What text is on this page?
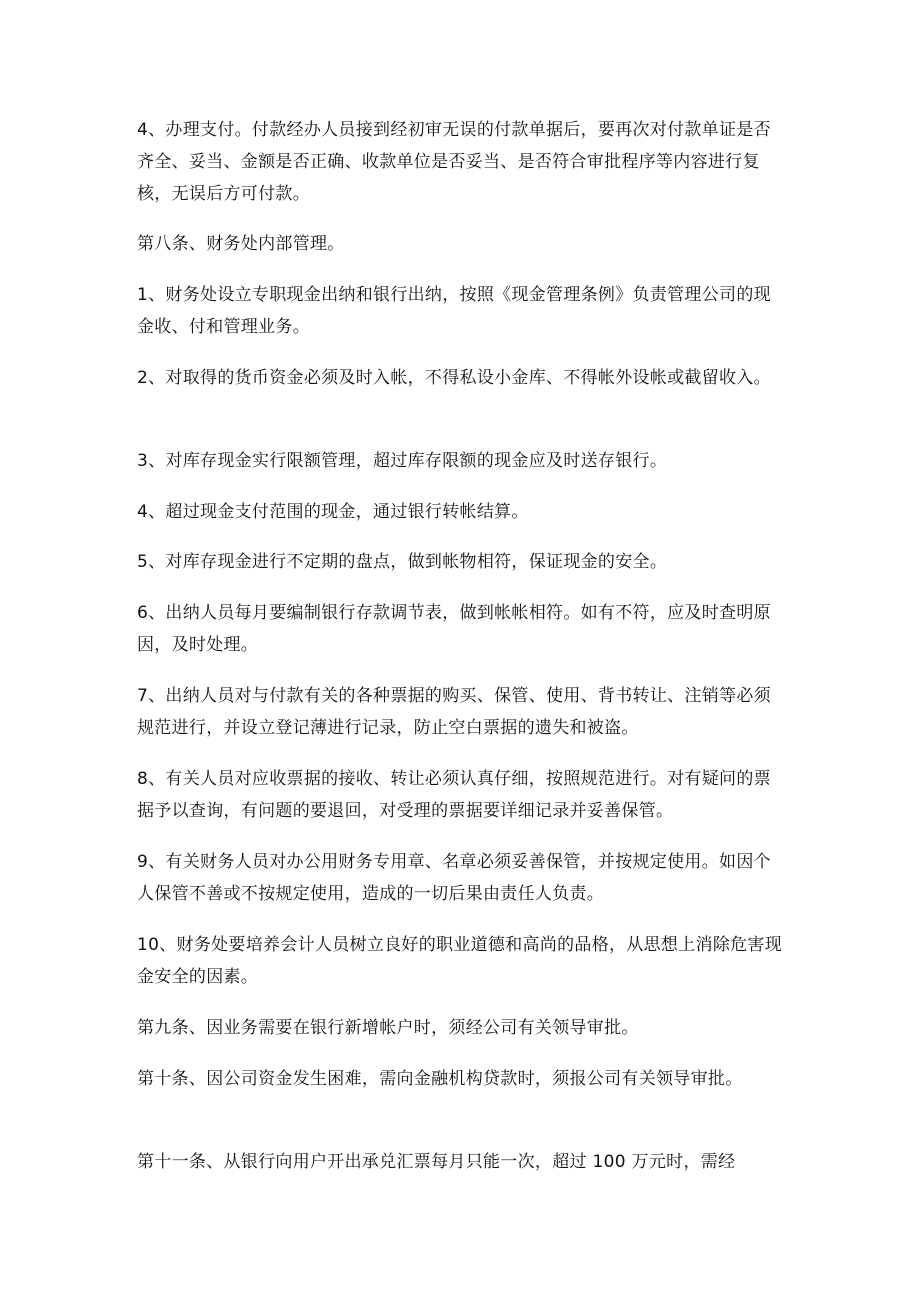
4、办理支付。付款经办人员接到经初审无误的付款单据后，要再次对付款单证是否齐全、妥当、金额是否正确、收款单位是否妥当、是否符合审批程序等内容进行复核，无误后方可付款。

第八条、财务处内部管理。

1、财务处设立专职现金出纳和银行出纳，按照《现金管理条例》负责管理公司的现金收、付和管理业务。

2、对取得的货币资金必须及时入帐，不得私设小金库、不得帐外设帐或截留收入。

3、对库存现金实行限额管理，超过库存限额的现金应及时送存银行。

4、超过现金支付范围的现金，通过银行转帐结算。

5、对库存现金进行不定期的盘点，做到帐物相符，保证现金的安全。

6、出纳人员每月要编制银行存款调节表，做到帐帐相符。如有不符，应及时查明原因，及时处理。

7、出纳人员对与付款有关的各种票据的购买、保管、使用、背书转让、注销等必须规范进行，并设立登记薄进行记录，防止空白票据的遗失和被盗。

8、有关人员对应收票据的接收、转让必须认真仔细，按照规范进行。对有疑问的票据予以查询，有问题的要退回，对受理的票据要详细记录并妥善保管。

9、有关财务人员对办公用财务专用章、名章必须妥善保管，并按规定使用。如因个人保管不善或不按规定使用，造成的一切后果由责任人负责。

10、财务处要培养会计人员树立良好的职业道德和高尚的品格，从思想上消除危害现金安全的因素。

第九条、因业务需要在银行新增帐户时，须经公司有关领导审批。

第十条、因公司资金发生困难，需向金融机构贷款时，须报公司有关领导审批。

第十一条、从银行向用户开出承兑汇票每月只能一次，超过 100 万元时，需经
